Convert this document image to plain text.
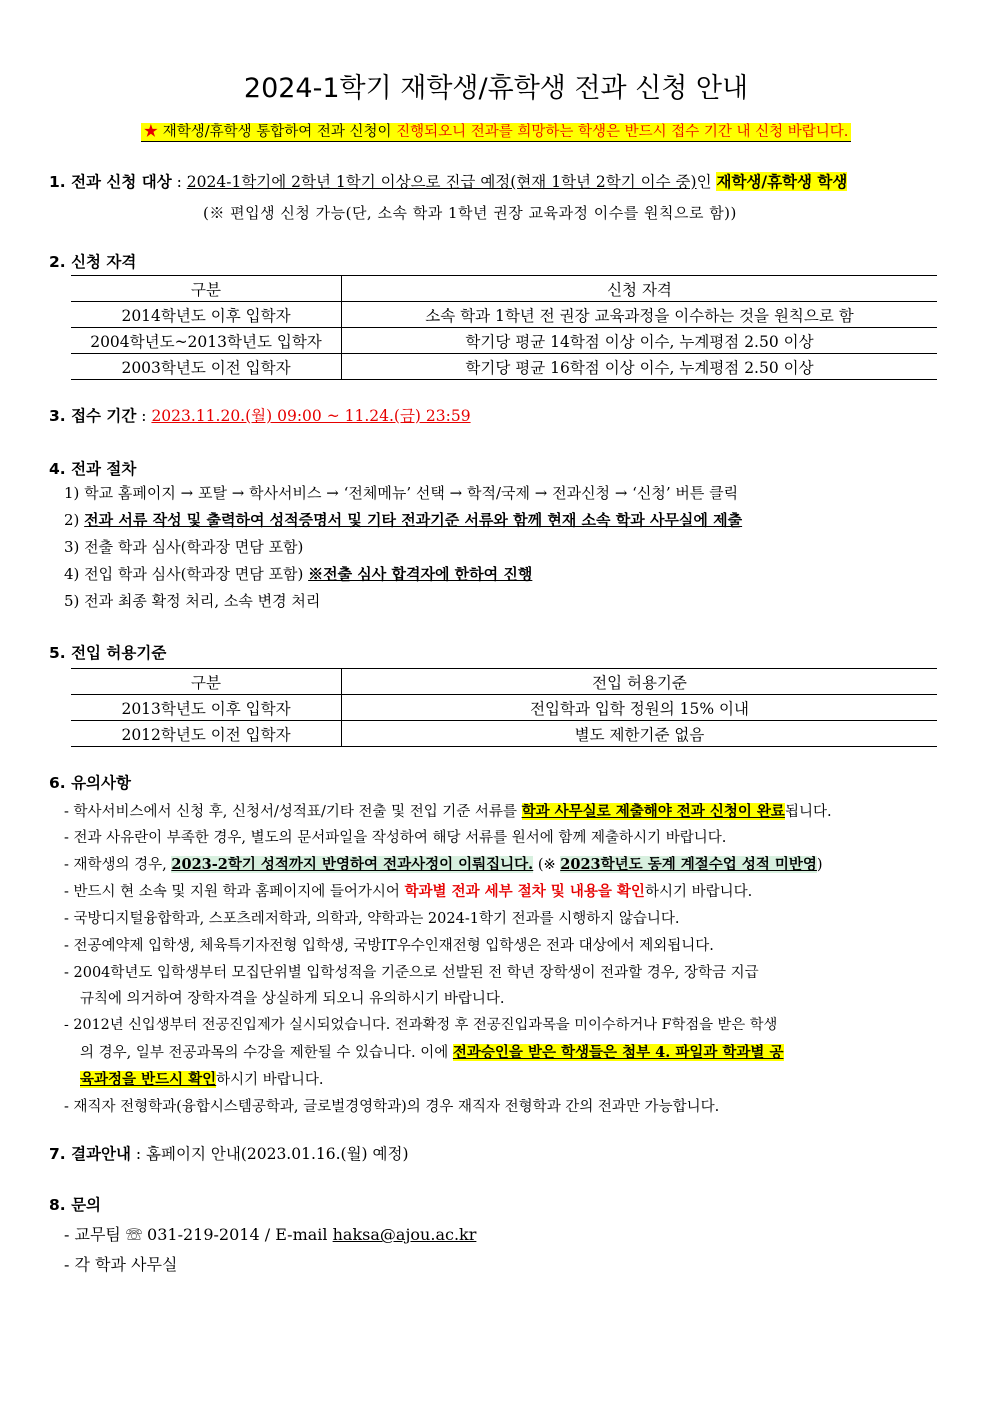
2024-1학기 재학생/휴학생 전과 신청 안내
★ 재학생/휴학생 통합하여 전과 신청이 진행되오니 전과를 희망하는 학생은 반드시 접수 기간 내 신청 바랍니다.
1. 전과 신청 대상 : 2024-1학기에 2학년 1학기 이상으로 진급 예정(현재 1학년 2학기 이수 중)인 재학생/휴학생 학생
(※ 편입생 신청 가능(단, 소속 학과 1학년 권장 교육과정 이수를 원칙으로 함))
2. 신청 자격
구분	신청 자격
2014학년도 이후 입학자	소속 학과 1학년 전 권장 교육과정을 이수하는 것을 원칙으로 함
2004학년도~2013학년도 입학자	학기당 평균 14학점 이상 이수, 누계평점 2.50 이상
2003학년도 이전 입학자	학기당 평균 16학점 이상 이수, 누계평점 2.50 이상
3. 접수 기간 : 2023.11.20.(월) 09:00 ~ 11.24.(금) 23:59
4. 전과 절차
1) 학교 홈페이지 → 포탈 → 학사서비스 → ‘전체메뉴’ 선택 → 학적/국제 → 전과신청 → ‘신청’ 버튼 클릭
2) 전과 서류 작성 및 출력하여 성적증명서 및 기타 전과기준 서류와 함께 현재 소속 학과 사무실에 제출
3) 전출 학과 심사(학과장 면담 포함)
4) 전입 학과 심사(학과장 면담 포함) ※전출 심사 합격자에 한하여 진행
5) 전과 최종 확정 처리, 소속 변경 처리
5. 전입 허용기준
구분	전입 허용기준
2013학년도 이후 입학자	전입학과 입학 정원의 15% 이내
2012학년도 이전 입학자	별도 제한기준 없음
6. 유의사항
- 학사서비스에서 신청 후, 신청서/성적표/기타 전출 및 전입 기준 서류를 학과 사무실로 제출해야 전과 신청이 완료됩니다.
- 전과 사유란이 부족한 경우, 별도의 문서파일을 작성하여 해당 서류를 원서에 함께 제출하시기 바랍니다.
- 재학생의 경우, 2023-2학기 성적까지 반영하여 전과사정이 이뤄집니다. (※ 2023학년도 동계 계절수업 성적 미반영)
- 반드시 현 소속 및 지원 학과 홈페이지에 들어가시어 학과별 전과 세부 절차 및 내용을 확인하시기 바랍니다.
- 국방디지털융합학과, 스포츠레저학과, 의학과, 약학과는 2024-1학기 전과를 시행하지 않습니다.
- 전공예약제 입학생, 체육특기자전형 입학생, 국방IT우수인재전형 입학생은 전과 대상에서 제외됩니다.
- 2004학년도 입학생부터 모집단위별 입학성적을 기준으로 선발된 전 학년 장학생이 전과할 경우, 장학금 지급
규칙에 의거하여 장학자격을 상실하게 되오니 유의하시기 바랍니다.
- 2012년 신입생부터 전공진입제가 실시되었습니다. 전과확정 후 전공진입과목을 미이수하거나 F학점을 받은 학생
의 경우, 일부 전공과목의 수강을 제한될 수 있습니다. 이에 전과승인을 받은 학생들은 첨부 4. 파일과 학과별 공
육과정을 반드시 확인하시기 바랍니다.
- 재직자 전형학과(융합시스템공학과, 글로벌경영학과)의 경우 재직자 전형학과 간의 전과만 가능합니다.
7. 결과안내 : 홈페이지 안내(2023.01.16.(월) 예정)
8. 문의
- 교무팀 ☏ 031-219-2014 / E-mail haksa@ajou.ac.kr
- 각 학과 사무실
